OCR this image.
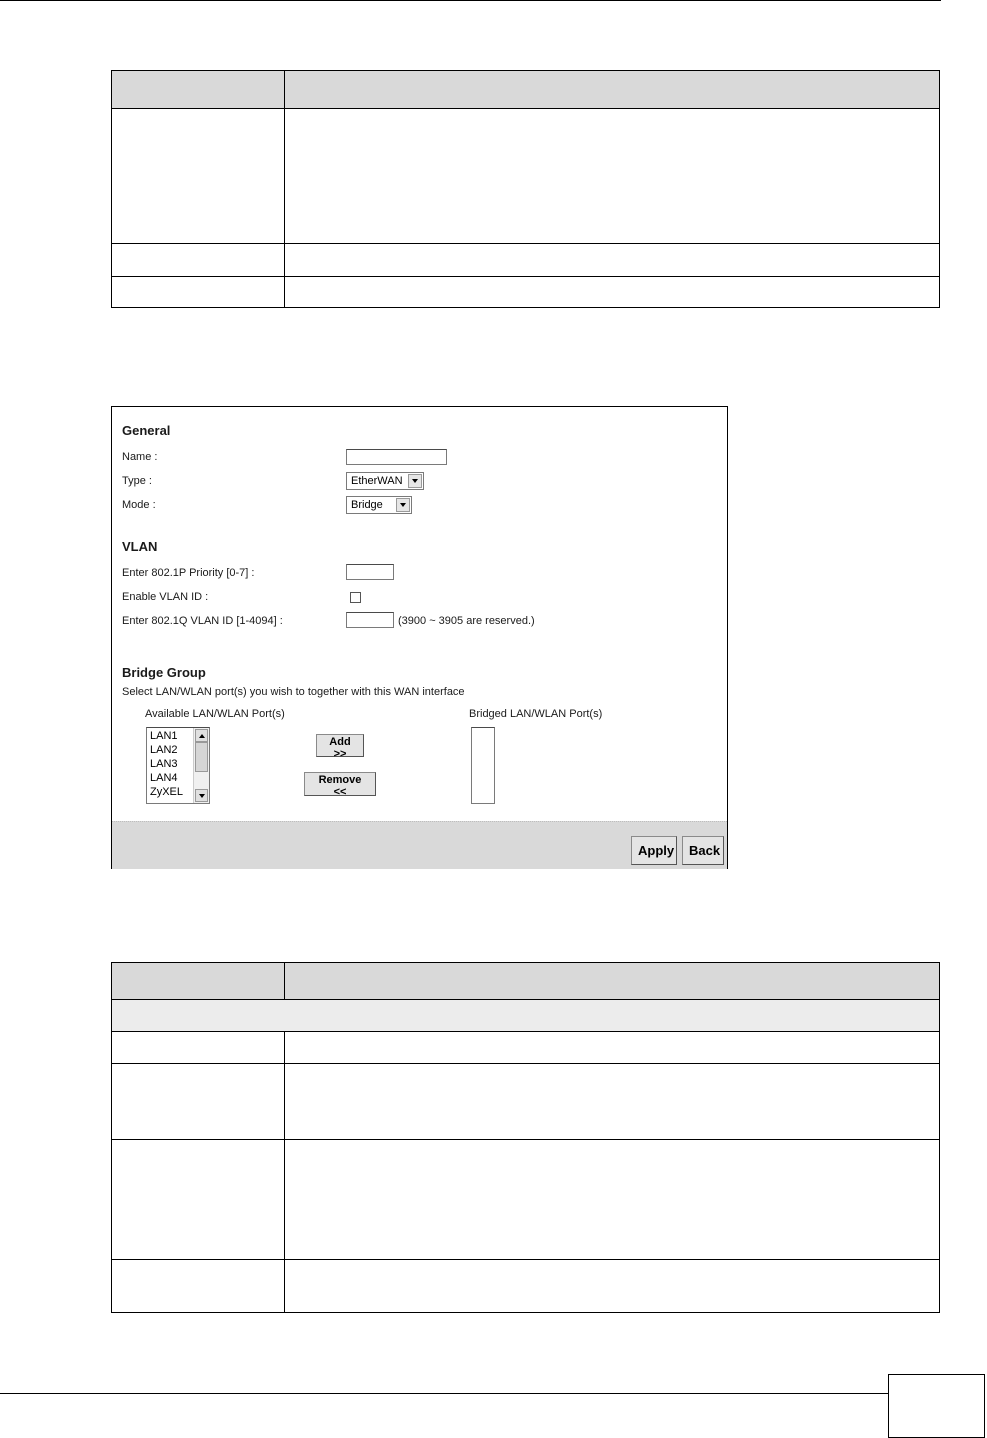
General
Name :
Type :	EtherWAN
Mode :	Bridge
VLAN
Enter 802.1P Priority [0-7] :
Enable VLAN ID :
Enter 802.1Q VLAN ID [1-4094] :	(3900 ~ 3905 are reserved.)
Bridge Group
Select LAN/WLAN port(s) you wish to together with this WAN interface
Available LAN/WLAN Port(s)
LAN1
LAN2
LAN3
LAN4
ZyXEL
Add >>
Remove <<
Bridged LAN/WLAN Port(s)
Apply	Back
